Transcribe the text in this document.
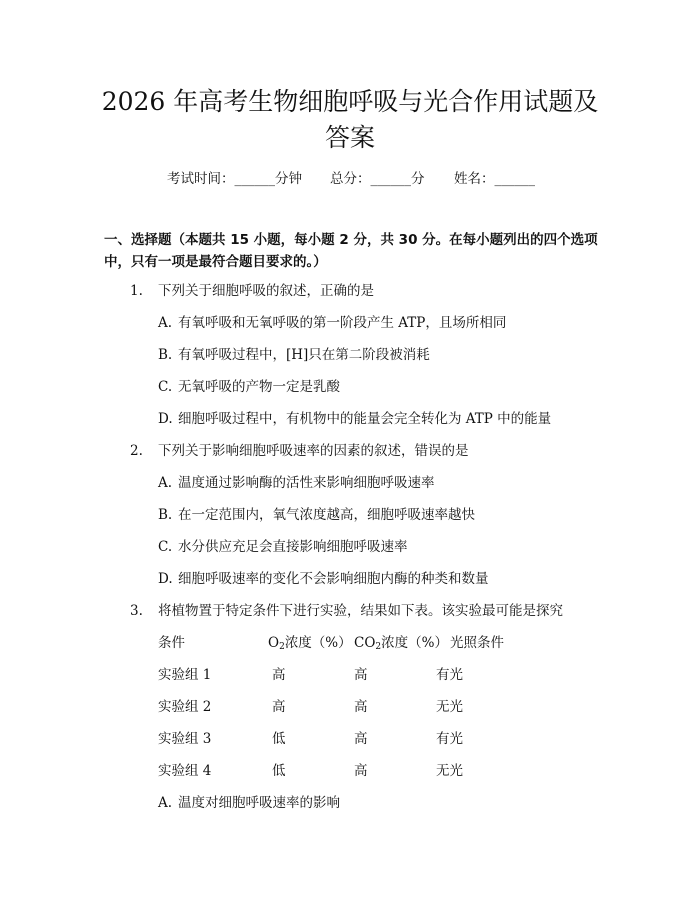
2026 年高考生物细胞呼吸与光合作用试题及
答案
考试时间：______分钟 总分：______分 姓名：______
一、选择题（本题共 15 小题，每小题 2 分，共 30 分。在每小题列出的四个选项
中，只有一项是最符合题目要求的。）
1. 下列关于细胞呼吸的叙述，正确的是
A. 有氧呼吸和无氧呼吸的第一阶段产生 ATP，且场所相同
B. 有氧呼吸过程中，[H]只在第二阶段被消耗
C. 无氧呼吸的产物一定是乳酸
D. 细胞呼吸过程中，有机物中的能量会完全转化为 ATP 中的能量
2. 下列关于影响细胞呼吸速率的因素的叙述，错误的是
A. 温度通过影响酶的活性来影响细胞呼吸速率
B. 在一定范围内，氧气浓度越高，细胞呼吸速率越快
C. 水分供应充足会直接影响细胞呼吸速率
D. 细胞呼吸速率的变化不会影响细胞内酶的种类和数量
3. 将植物置于特定条件下进行实验，结果如下表。该实验最可能是探究
条件	$O_2$浓度（%） $CO_2$浓度（%） 光照条件
实验组 1	高	高	有光
实验组 2	高	高	无光
实验组 3	低	高	有光
实验组 4	低	高	无光
A. 温度对细胞呼吸速率的影响
